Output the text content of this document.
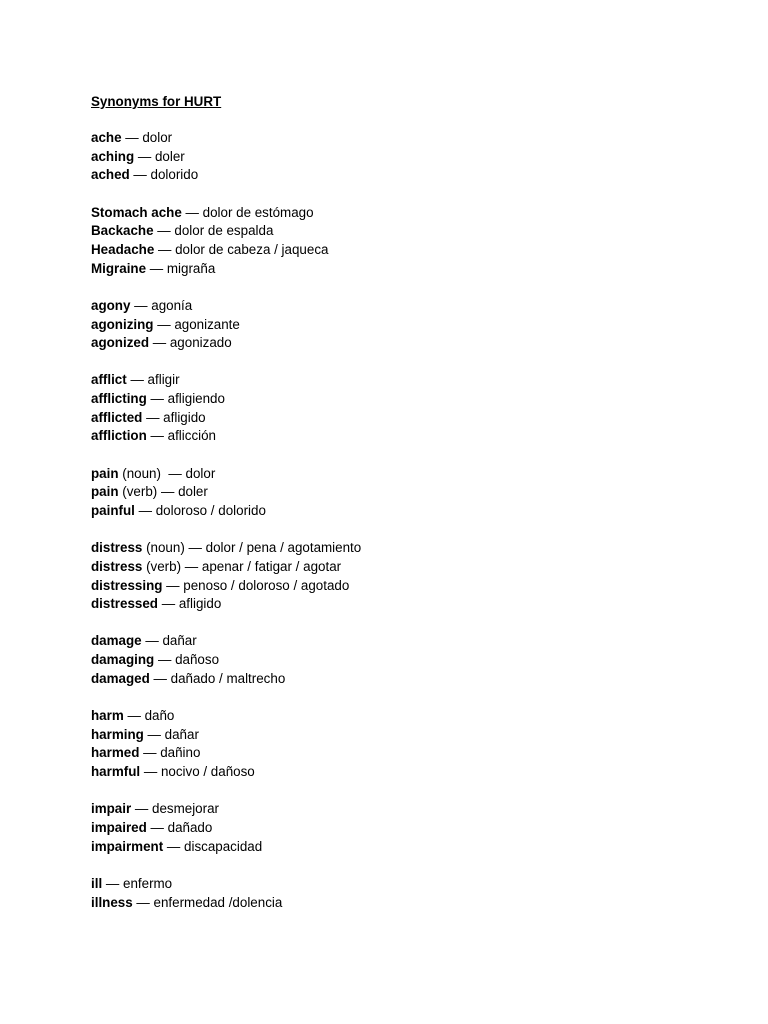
Synonyms for HURT
ache — dolor
aching — doler
ached — dolorido
Stomach ache — dolor de estómago
Backache — dolor de espalda
Headache — dolor de cabeza / jaqueca
Migraine — migraña
agony — agonía
agonizing — agonizante
agonized — agonizado
afflict — afligir
afflicting — afligiendo
afflicted — afligido
affliction — aflicción
pain (noun)  — dolor
pain (verb) — doler
painful — doloroso / dolorido
distress (noun) — dolor / pena / agotamiento
distress (verb) — apenar / fatigar / agotar
distressing — penoso / doloroso / agotado
distressed — afligido
damage — dañar
damaging — dañoso
damaged — dañado / maltrecho
harm — daño
harming — dañar
harmed — dañino
harmful — nocivo / dañoso
impair — desmejorar
impaired — dañado
impairment — discapacidad
ill — enfermo
illness — enfermedad /dolencia
